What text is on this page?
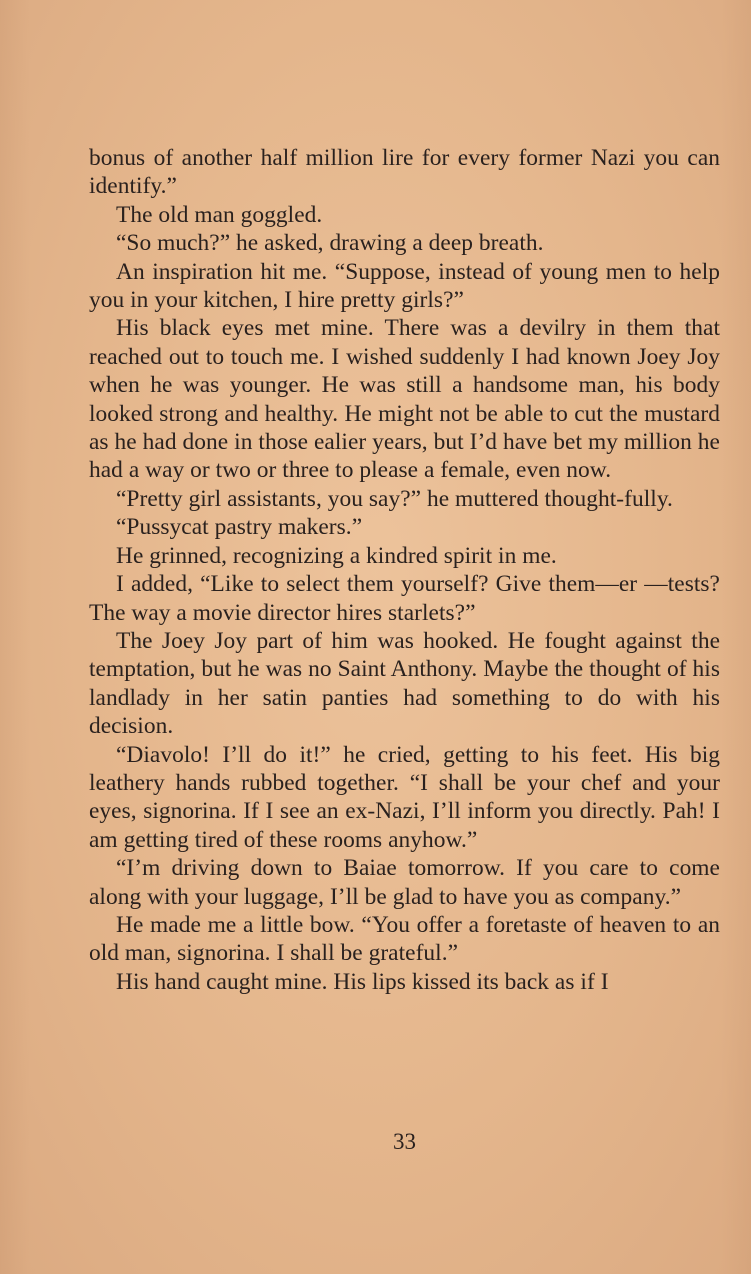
bonus of another half million lire for every former Nazi you can identify.”

The old man goggled.

“So much?” he asked, drawing a deep breath.

An inspiration hit me. “Suppose, instead of young men to help you in your kitchen, I hire pretty girls?”

His black eyes met mine. There was a devilry in them that reached out to touch me. I wished suddenly I had known Joey Joy when he was younger. He was still a handsome man, his body looked strong and healthy. He might not be able to cut the mustard as he had done in those ealier years, but I’d have bet my million he had a way or two or three to please a female, even now.

“Pretty girl assistants, you say?” he muttered thought-fully.

“Pussycat pastry makers.”

He grinned, recognizing a kindred spirit in me.

I added, “Like to select them yourself? Give them—er —tests? The way a movie director hires starlets?”

The Joey Joy part of him was hooked. He fought against the temptation, but he was no Saint Anthony. Maybe the thought of his landlady in her satin panties had something to do with his decision.

“Diavolo! I’ll do it!” he cried, getting to his feet. His big leathery hands rubbed together. “I shall be your chef and your eyes, signorina. If I see an ex-Nazi, I’ll inform you directly. Pah! I am getting tired of these rooms anyhow.”

“I’m driving down to Baiae tomorrow. If you care to come along with your luggage, I’ll be glad to have you as company.”

He made me a little bow. “You offer a foretaste of heaven to an old man, signorina. I shall be grateful.”

His hand caught mine. His lips kissed its back as if I

33
